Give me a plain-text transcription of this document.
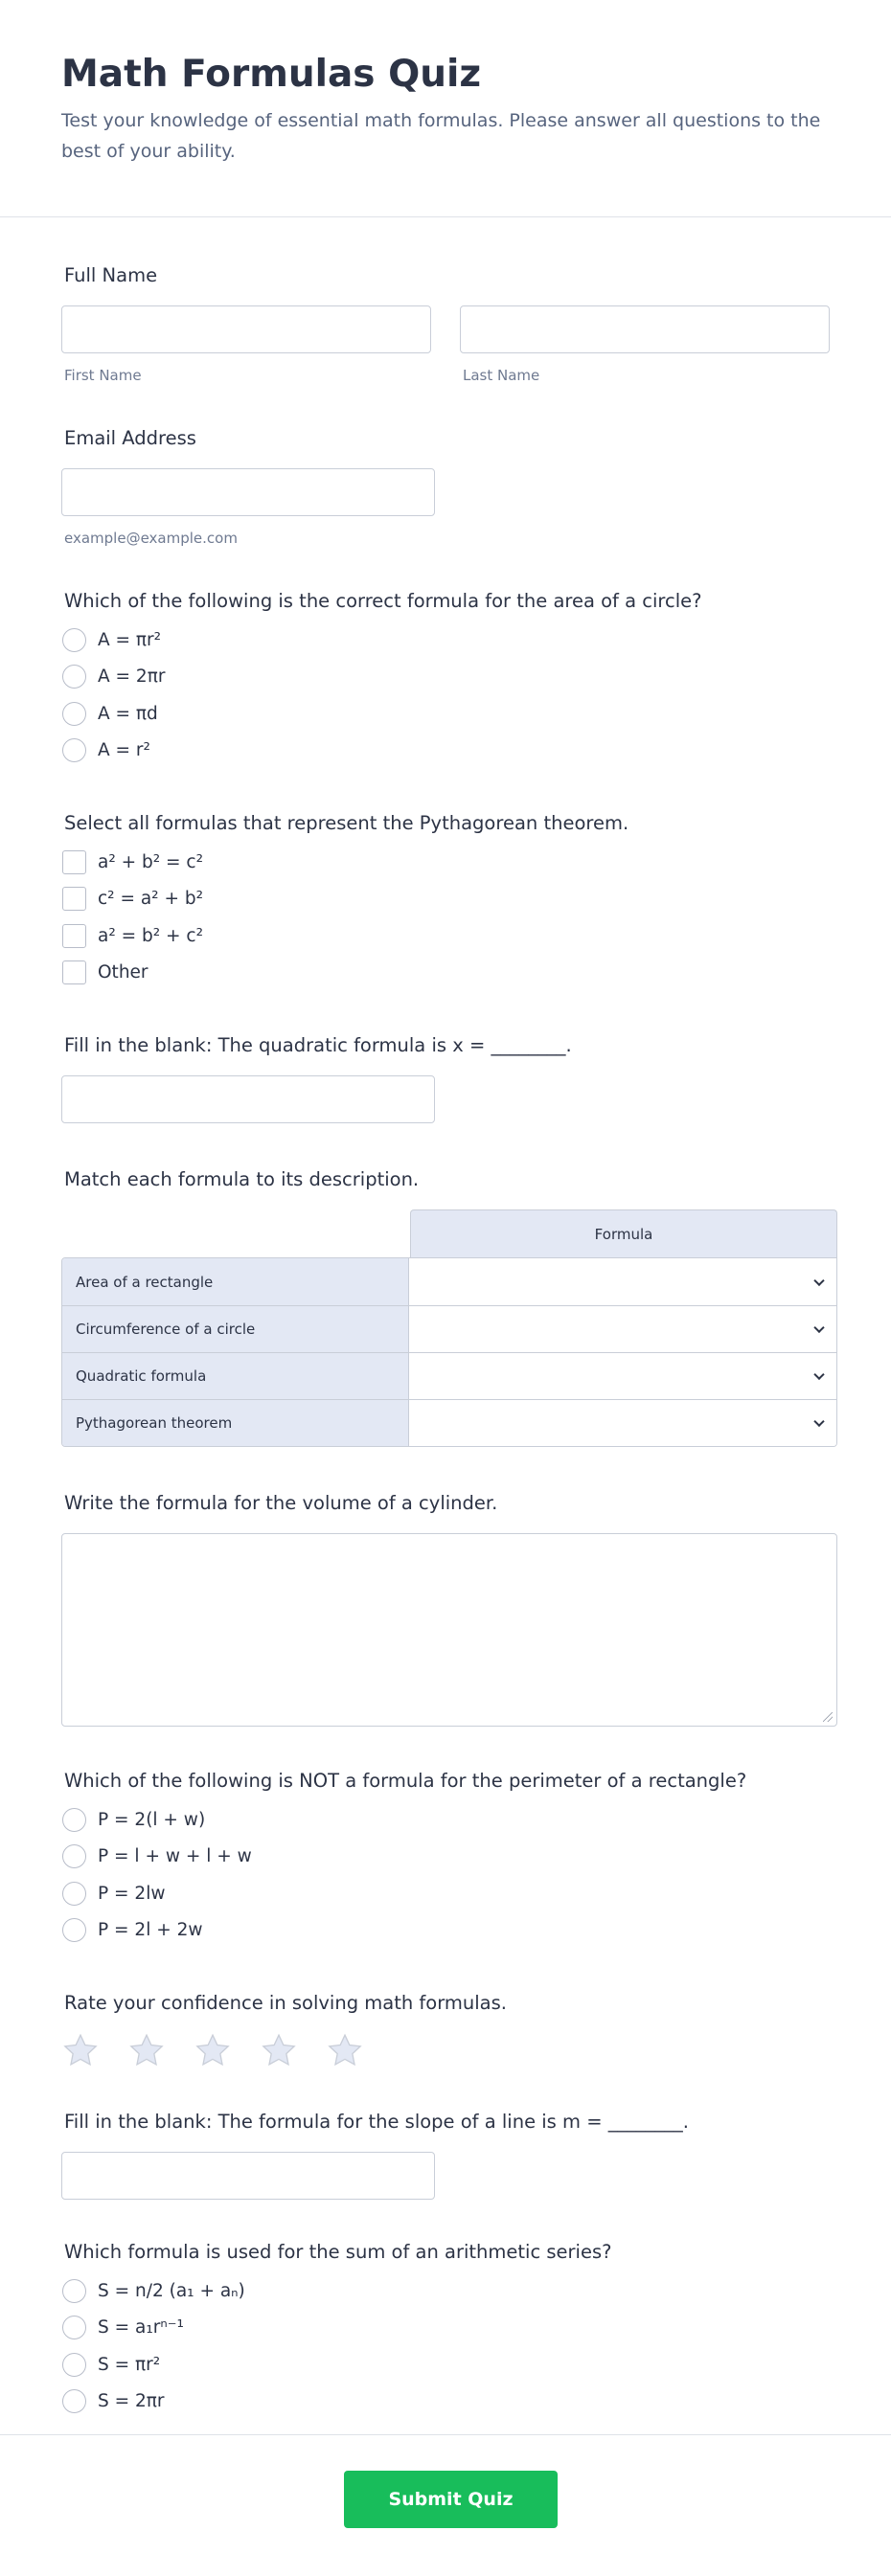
Math Formulas Quiz
Test your knowledge of essential math formulas. Please answer all questions to the best of your ability.
Full Name
First Name	Last Name
Email Address
example@example.com
Which of the following is the correct formula for the area of a circle?
A = πr²
A = 2πr
A = πd
A = r²
Select all formulas that represent the Pythagorean theorem.
a² + b² = c²
c² = a² + b²
a² = b² + c²
Other
Fill in the blank: The quadratic formula is x = ________.
Match each formula to its description.
Formula
Area of a rectangle
Circumference of a circle
Quadratic formula
Pythagorean theorem
Write the formula for the volume of a cylinder.
Which of the following is NOT a formula for the perimeter of a rectangle?
P = 2(l + w)
P = l + w + l + w
P = 2lw
P = 2l + 2w
Rate your confidence in solving math formulas.
Fill in the blank: The formula for the slope of a line is m = ________.
Which formula is used for the sum of an arithmetic series?
S = n/2 (a₁ + aₙ)
S = a₁rⁿ⁻¹
S = πr²
S = 2πr
Submit Quiz
